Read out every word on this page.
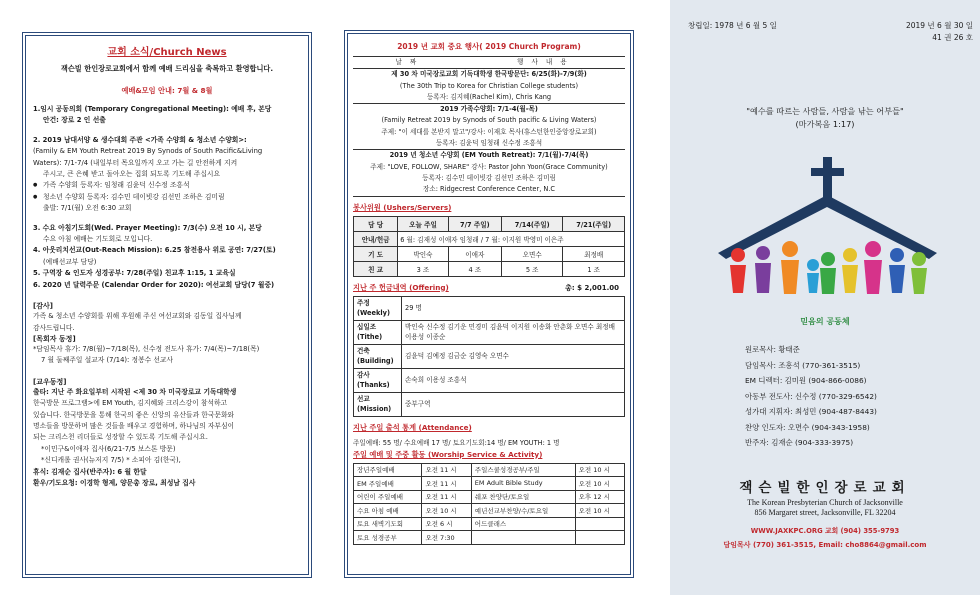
교회 소식/Church News
잭슨빌 한인장로교회에서 함께 예배 드리심을 축복하고 환영합니다.
예배&모임 안내: 7월 & 8월
1.임시 공동의회 (Temporary Congregational Meeting): 예배 후, 본당
안건: 장로 2 인 선출
2. 2019 남대서양 & 생수대회 주관 <가족 수양회 & 청소년 수양회>:
(Family & EM Youth Retreat 2019 By Synods of South Pacific&Living
Waters): 7/1-7/4 (내일부터 목요일까지 오고 가는 길 안전하게 지켜
주시고, 큰 은혜 받고 돌아오는 집회 되도록 기도해 주십시요
● 가족 수양회 등록자: 임청래 김윤덕 신수정 조흥석
● 청소년 수양회 등록자: 김수민 데이빗강 김선민 조하은 김미림
출발: 7/1(월) 오전 6:30 교회
3. 수요 아침기도회(Wed. Prayer Meeting): 7/3(수) 오전 10 시, 본당
수요 아침 예배는 기도회로 모입니다.
4. 아웃리치선교(Out-Reach Mission): 6.25 참전용사 위로 공연: 7/27(토)
(예배선교부 담당)
5. 구역장 & 인도자 성경공부: 7/28(주일) 친교후 1:15, 1 교육실
6. 2020 년 달력주문 (Calendar Order for 2020): 여선교회 담당(7 월중)
[감사]
가족 & 청소년 수양회를 위해 후원해 주신 여선교회와 김동일 집사님께
감사드립니다.
[목회자 동정]
*담임목사 휴가: 7/8(월)~7/18(목), 신수정 전도사 휴가: 7/4(목)~7/18(목)
7 월 둘째주일 설교자 (7/14): 정봉수 선교사
[교우동정]
출타: 지난 주 화요일부터 시작된 <제 30 차 미국장로교 기독대학생
한국방문 프로그램>에 EM Youth, 김지혜와 크리스강이 참석하고
있습니다. 한국방문을 통해 한국의 좋은 신앙의 유산들과 한국문화와
명소들을 방문하며 많은 것들을 배우고 경험하며, 하나님의 자부심이
되는 크리스천 리더들로 성장할 수 있도록 기도해 주십시요.
*이민구&이애자 집사(6/21-7/5 보스톤 방문)
*신디캐롤 권사(뉴저지 7/5) * 소피아 김(한국),
휴식: 김재순 집사(반주자): 6 월 한달
환우/기도요청: 이경학 형제, 양문총 장로, 최성남 집사
2019 년 교회 중요 행사( 2019 Church Program)
날 짜	행 사 내 용
제 30 차 미국장로교회 기독대학생 한국방문단: 6/25(화)-7/9(화)
(The 30th Trip to Korea for Christian College students)
등록자: 김지혜(Rachel Kim), Chris Kang
2019 가족수양회: 7/1-4(월-목)
(Family Retreat 2019 by Synods of South pacific & Living Waters)
주제: "이 세대를 본받지 말고"/강사: 이재호 목사(휴스턴한인중앙장로교회)
등록자: 김윤덕 임청래 신수정 조흥석
2019 년 청소년 수양회 (EM Youth Retreat): 7/1(월)-7/4(목)
주제: "LOVE, FOLLOW, SHARE" 강사: Pastor John Yoon(Grace Community)
등록자: 김수민 데이빗강 김선민 조하은 김미림
장소: Ridgecrest Conference Center, N.C
봉사위원 (Ushers/Servers)
담 당	오늘 주일	7/7 주일)	7/14(주일)	7/21(주일)
안내/헌금	6 월: 김재성 이애자 임청래 / 7 월: 이지원 박영미 이은주			
기 도	박인숙	이애자	오면수	최정배
친 교	3 조	4 조	5 조	1 조
지난 주 헌금내역 (Offering)	총: $ 2,001.00
주정(Weekly)	29 명
십일조(Tithe)	박인숙 신수정 김기운 민경미 김윤덕 이지원 이송화 안춘화 오면수 최정배 이용성 이종순
건축(Building)	김윤덕 김예정 김금순 김영숙 오면수
감사(Thanks)	손숙희 이용성 조흥석
선교(Mission)	중부구역
지난 주일 출석 통계 (Attendance)
주일예배: 55 명/ 수요예배 17 명/ 토요기도회:14 명/ EM YOUTH: 1 명
주일 예배 및 주중 활동 (Worship Service & Activity)
장년주일예배	오전 11 시	주일스쿨성경공부/주일	오전 10 시
EM 주일예배	오전 11 시	EM Adult Bible Study	오전 10 시
어린이 주일예배	오전 11 시	쉐포 찬양단/토요일	오후 12 시
수요 아침 예배	오전 10 시	예년선교부찬양/수/토요일	오전 10 시
토요 새벽기도회	오전 6 시	어드클래스	
토요 성경공부	오전 7:30		
창립일: 1978 년 6 월 5 일	2019 년 6 월 30 일
41 권 26 호
"예수를 따르는 사람들, 사람을 낚는 어부들"
(마가복음 1:17)
믿음의 공동체
원로목사: 황태준
담임목사: 조흥석 (770-361-3515)
EM 디렉터: 김미원 (904-866-0086)
아동부 전도사: 신수정 (770-329-6542)
성가대 지휘자: 최성민 (904-487-8443)
찬양 인도자: 오면수 (904-343-1958)
반주자: 김재순 (904-333-3975)
잭슨빌한인장로교회
The Korean Presbyterian Church of Jacksonville
856 Margaret street, Jacksonville, FL 32204
WWW.JAXKPC.ORG 교회 (904) 355-9793
담임목사 (770) 361-3515, Email: cho8864@gmail.com
